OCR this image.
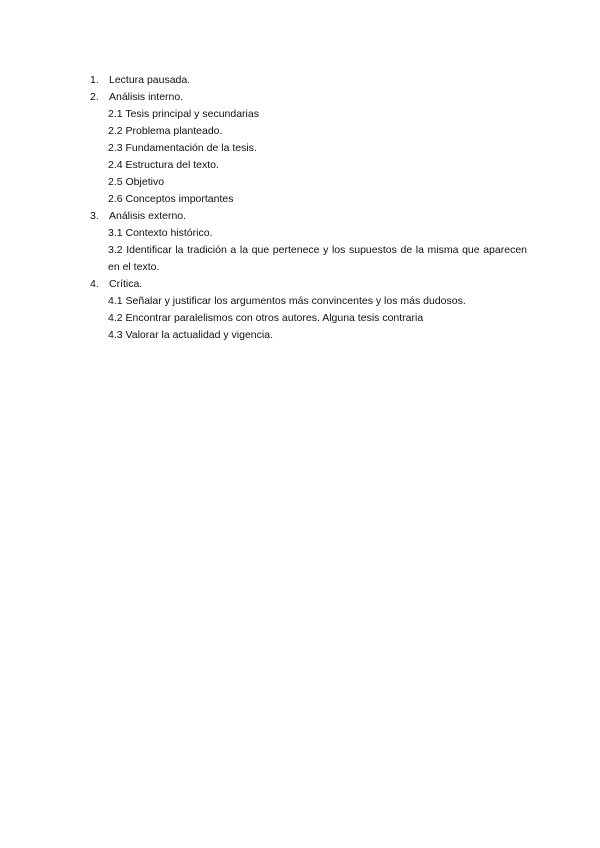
1. Lectura pausada.
2. Análisis interno.
2.1 Tesis principal y secundarias
2.2 Problema planteado.
2.3 Fundamentación de la tesis.
2.4 Estructura del texto.
2.5 Objetivo
2.6 Conceptos importantes
3. Análisis externo.
3.1 Contexto histórico.
3.2 Identificar la tradición a la que pertenece y los supuestos de la misma que aparecen en el texto.
4. Crítica.
4.1 Señalar y justificar los argumentos más convincentes y los más dudosos.
4.2 Encontrar paralelismos con otros autores. Alguna tesis contraria
4.3 Valorar la actualidad y vigencia.
